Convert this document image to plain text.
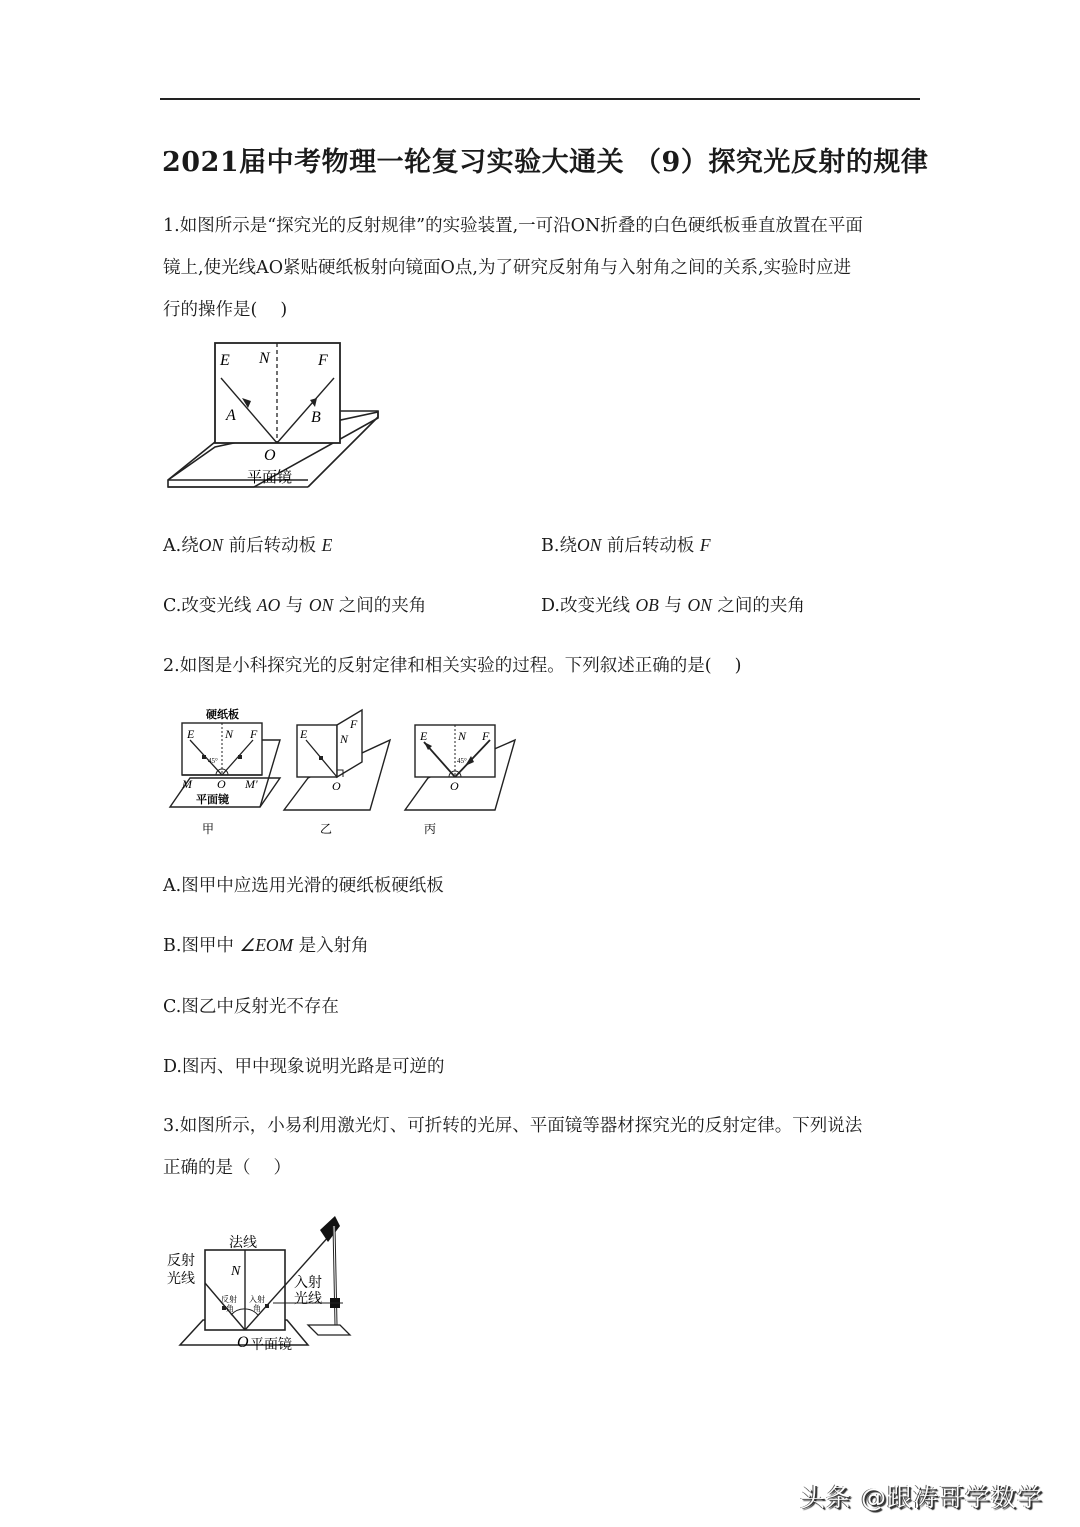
2021届中考物理一轮复习实验大通关 （9）探究光反射的规律
1.如图所示是“探究光的反射规律”的实验装置,一可沿ON折叠的白色硬纸板垂直放置在平面
镜上,使光线AO紧贴硬纸板射向镜面O点,为了研究反射角与入射角之间的关系,实验时应进
行的操作是(　 )
E N	F
A	B
O
平面镜
A.绕ON 前后转动板 E	B.绕ON 前后转动板 F
C.改变光线 AO 与 ON 之间的夹角	D.改变光线 OB 与 ON 之间的夹角
2.如图是小科探究光的反射定律和相关实验的过程。下列叙述正确的是(　 )
45°
硬纸板
E	N F
O
M	M'
平面镜
甲
E	N
F
O
乙
45°
E	N F
O
丙
A.图甲中应选用光滑的硬纸板硬纸板
B.图甲中 ∠EOM 是入射角
C.图乙中反射光不存在
D.图丙、甲中现象说明光路是可逆的
3.如图所示，小易利用激光灯、可折转的光屏、平面镜等器材探究光的反射定律。下列说法
正确的是（　 ）
法线
反射
光线	入射
光线
N
反射
角
入射
角
O 平面镜
头条 @跟涛哥学数学
